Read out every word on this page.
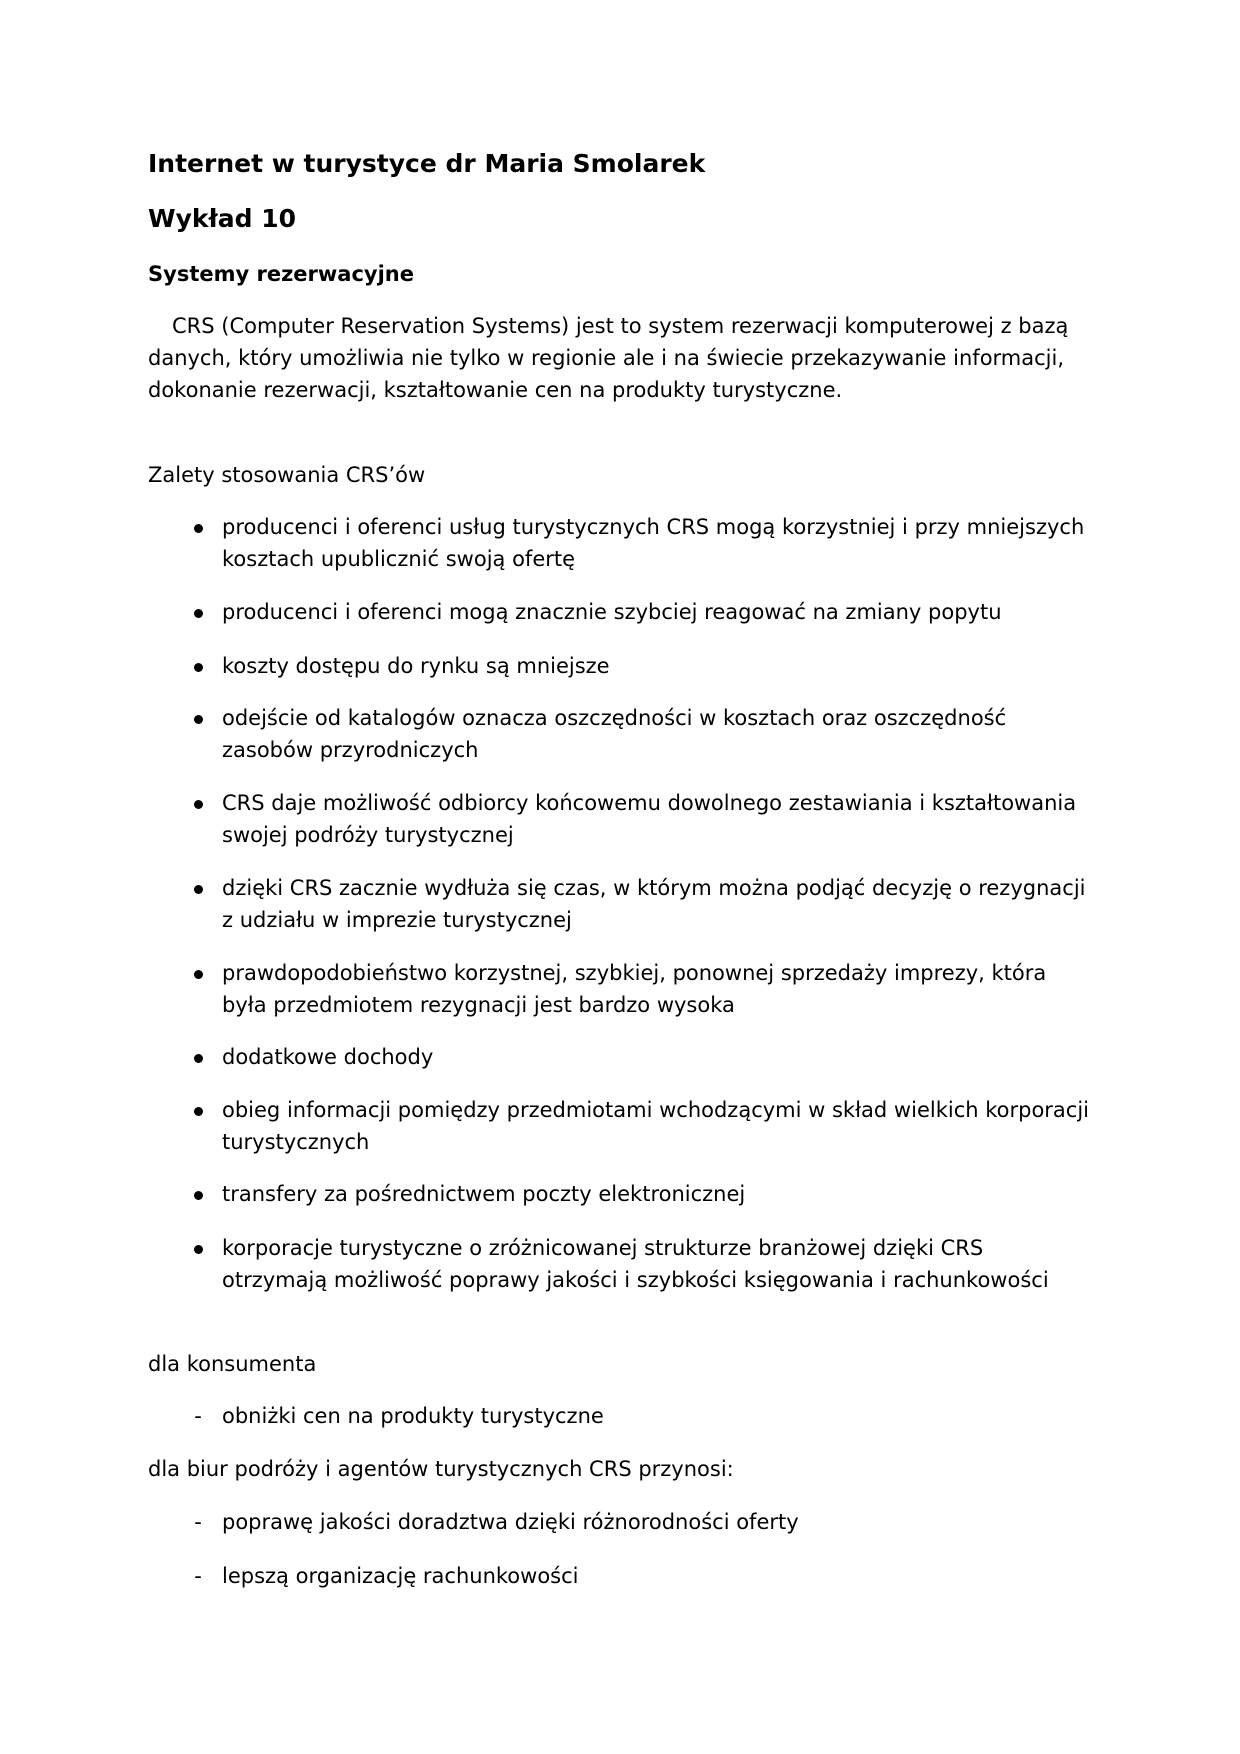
Internet w turystyce dr Maria Smolarek

Wykład 10

Systemy rezerwacyjne

CRS (Computer Reservation Systems) jest to system rezerwacji komputerowej z bazą danych, który umożliwia nie tylko w regionie ale i na świecie przekazywanie informacji, dokonanie rezerwacji, kształtowanie cen na produkty turystyczne.

Zalety stosowania CRS’ów

producenci i oferenci usług turystycznych CRS mogą korzystniej i przy mniejszych kosztach upublicznić swoją ofertę
producenci i oferenci mogą znacznie szybciej reagować na zmiany popytu
koszty dostępu do rynku są mniejsze
odejście od katalogów oznacza oszczędności w kosztach oraz oszczędność zasobów przyrodniczych
CRS daje możliwość odbiorcy końcowemu dowolnego zestawiania i kształtowania swojej podróży turystycznej
dzięki CRS zacznie wydłuża się czas, w którym można podjąć decyzję o rezygnacji z udziału w imprezie turystycznej
prawdopodobieństwo korzystnej, szybkiej, ponownej sprzedaży imprezy, która była przedmiotem rezygnacji jest bardzo wysoka
dodatkowe dochody
obieg informacji pomiędzy przedmiotami wchodzącymi w skład wielkich korporacji turystycznych
transfery za pośrednictwem poczty elektronicznej
korporacje turystyczne o zróżnicowanej strukturze branżowej dzięki CRS otrzymają możliwość poprawy jakości i szybkości księgowania i rachunkowości

dla konsumenta

- obniżki cen na produkty turystyczne

dla biur podróży i agentów turystycznych CRS przynosi:

- poprawę jakości doradztwa dzięki różnorodności oferty
- lepszą organizację rachunkowości
